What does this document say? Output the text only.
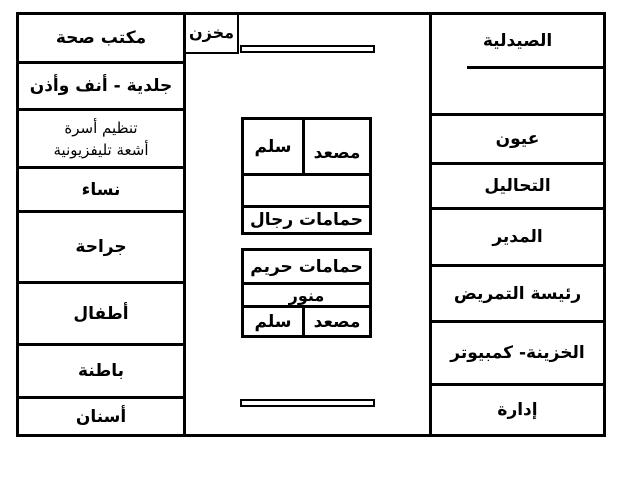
مكتب صحة
جلدية - أنف وأذن
تنظيم أسرة
أشعة تليفزيونية
نساء
جراحة
أطفال
باطنة
أسنان
الصيدلية
عيون
التحاليل
المدير
رئيسة التمريض
الخزينة- كمبيوتر
إدارة
مخزن
سلم مصعد
حمامات رجال
حمامات حريم
منور
سلم مصعد
